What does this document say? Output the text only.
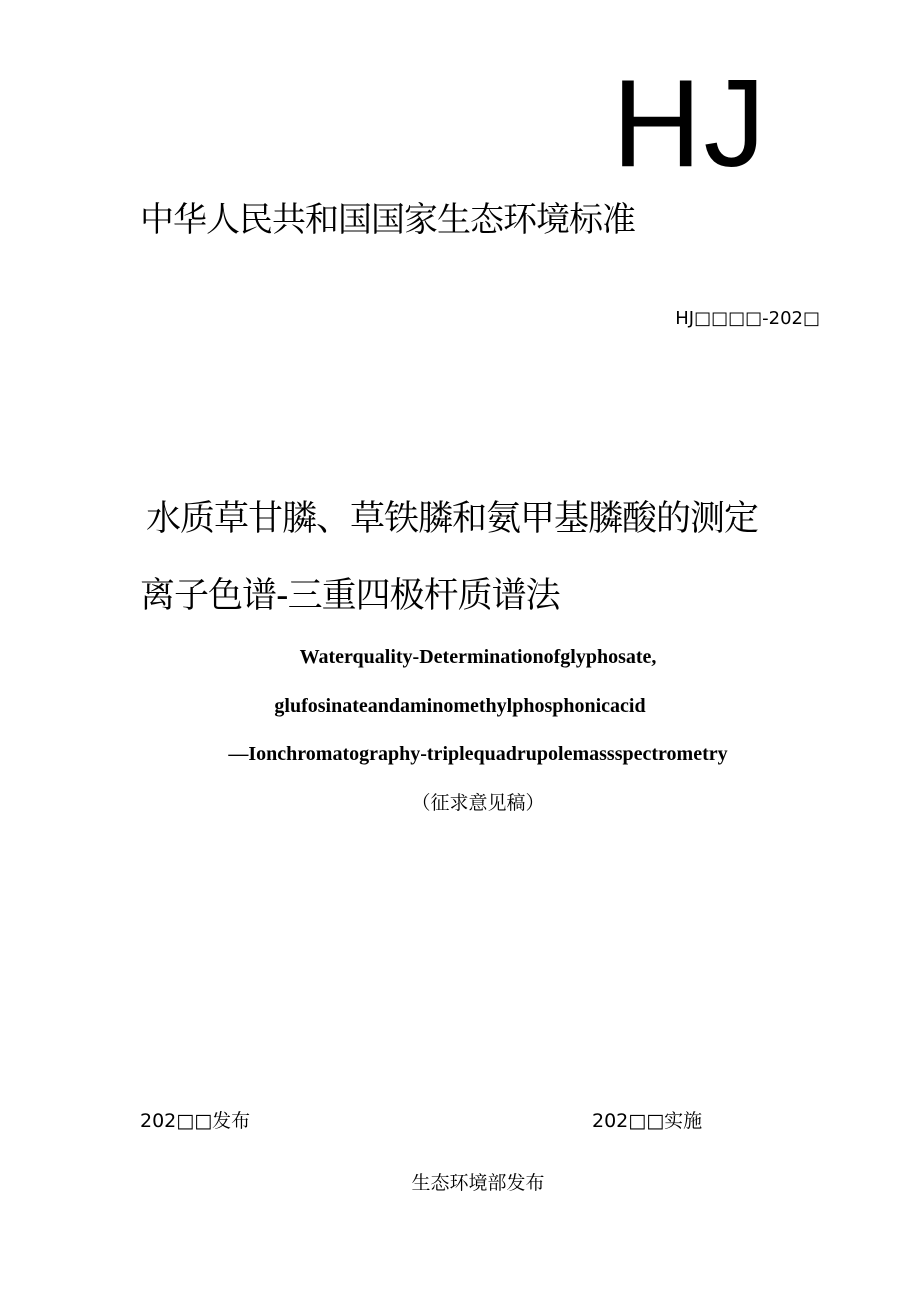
HJ
中华人民共和国国家生态环境标准
HJ□□□□-202□
水质草甘膦、草铁膦和氨甲基膦酸的测定
离子色谱-三重四极杆质谱法
Waterquality-Determinationofglyphosate,
glufosinateandaminomethylphosphonicacid
—Ionchromatography-triplequadrupolemassspectrometry
（征求意见稿）
202□□发布	202□□实施
生态环境部发布
